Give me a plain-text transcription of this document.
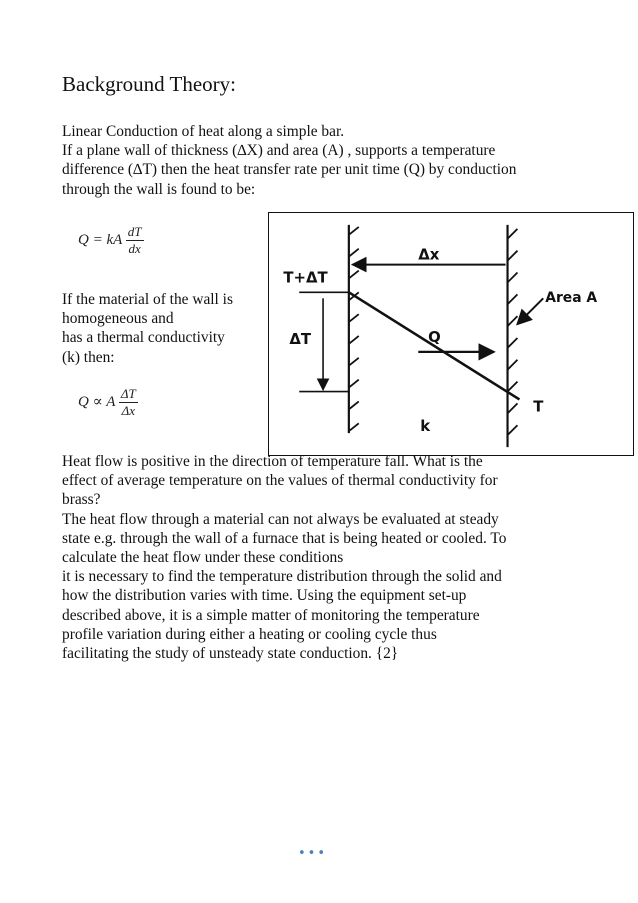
Background Theory:
Linear Conduction of heat along a simple bar.
If a plane wall of thickness (∆X) and area (A) , supports a temperature
difference (∆T) then the heat transfer rate per unit time (Q) by conduction
through the wall is found to be:
Q = kA $\frac{dT}{dx}$
If the material of the wall is
homogeneous and
has a thermal conductivity
(k) then:
Q ∝ A $\frac{\Delta T}{\Delta x}$
Δx
T+ΔT
ΔT	Q
Area A
T
k
Heat flow is positive in the direction of temperature fall. What is the
effect of average temperature on the values of thermal conductivity for
brass?
The heat flow through a material can not always be evaluated at steady
state e.g. through the wall of a furnace that is being heated or cooled. To
calculate the heat flow under these conditions
it is necessary to find the temperature distribution through the solid and
how the distribution varies with time. Using the equipment set-up
described above, it is a simple matter of monitoring the temperature
profile variation during either a heating or cooling cycle thus
facilitating the study of unsteady state conduction. {2}
•••
